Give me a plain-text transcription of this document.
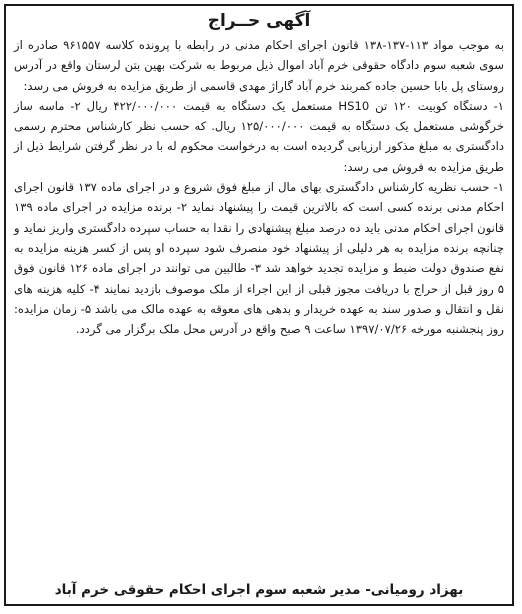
آگهی حــراج

به موجب مواد ۱۱۳-۱۳۷-۱۳۸ قانون اجرای احکام مدنی در رابطه با پرونده کلاسه ۹۶۱۵۵۷ صادره از سوی شعبه سوم دادگاه حقوقی خرم آباد اموال ذیل مربوط به شرکت بهین بتن لرستان واقع در آدرس روستای پل بابا حسین جاده کمربند خرم آباد گاراژ مهدی قاسمی از طریق مزایده به فروش می رسد:

۱- دستگاه کوبیت ۱۲۰ تن HS10 مستعمل یک دستگاه به قیمت ۴۲۲/۰۰۰/۰۰۰ ریال ۲- ماسه ساز خرگوشی مستعمل یک دستگاه به قیمت ۱۲۵/۰۰۰/۰۰۰ ریال. که حسب نظر کارشناس محترم رسمی دادگستری به مبلغ مذکور ارزیابی گردیده است به درخواست محکوم له با در نظر گرفتن شرایط ذیل از طریق مزایده به فروش می رسد:

۱- حسب نظریه کارشناس دادگستری بهای مال از مبلغ فوق شروع و در اجرای ماده ۱۳۷ قانون اجرای احکام مدنی برنده کسی است که بالاترین قیمت را پیشنهاد نماید ۲- برنده مزایده در اجرای ماده ۱۳۹ قانون اجرای احکام مدنی باید ده درصد مبلغ پیشنهادی را نقدا به حساب سپرده دادگستری واریز نماید و چنانچه برنده مزایده به هر دلیلی از پیشنهاد خود منصرف شود سپرده او پس از کسر هزینه مزایده به نفع صندوق دولت ضبط و مزایده تجدید خواهد شد ۳- طالبین می توانند در اجرای ماده ۱۲۶ قانون فوق ۵ روز قبل از حراج با دریافت مجوز قبلی از این اجراء از ملک موصوف بازدید نمایند ۴- کلیه هزینه های نقل و انتقال و صدور سند به عهده خریدار و بدهی های معوقه به عهده مالک می باشد ۵- زمان مزایده: روز پنجشنبه مورخه ۱۳۹۷/۰۷/۲۶ ساعت ۹ صبح واقع در آدرس محل ملک برگزار می گردد.

بهزاد رومیانی- مدیر شعبه سوم اجرای احکام حقوقی خرم آباد
